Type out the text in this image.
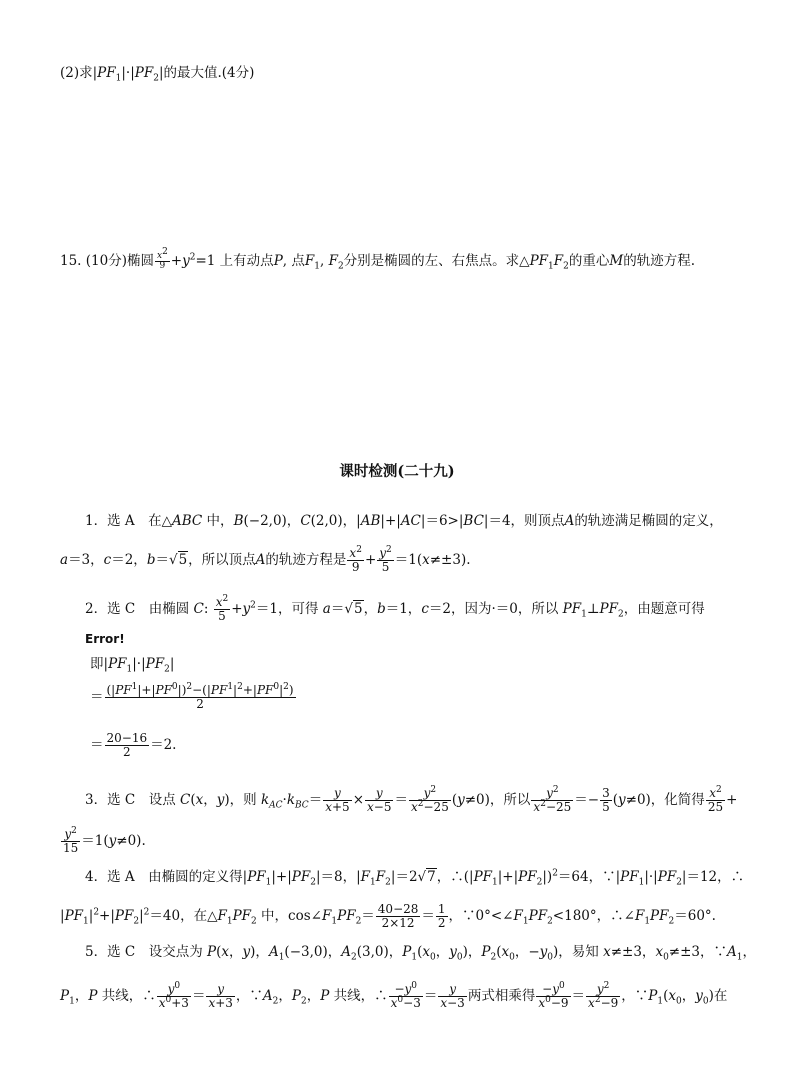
(2)求$|PF_1|\cdot|PF_2|$的最大值.(4分)
15. (10分)椭圆 $\frac{x^2}{9} +y^2=1$ 上有动点P, 点$F_1$, $F_2$分别是椭圆的左、右焦点。求$\triangle PF_1F_2$的重心M的轨迹方程.
课时检测(二十九)
1．选 A　在△ABC 中，B(−2,0)，C(2,0)，|AB|+|AC|＝6>|BC|＝4，则顶点A的轨迹满足椭圆的定义，
a＝3，c＝2，b＝√5，所以顶点A的轨迹方程是 $\frac{x^2}{9} + \frac{y^2}{5} =1(x\ne\pm 3)$.
2．选 C　由椭圆 C: $\frac{x^2}{5} +y^2=1$，可得 a＝√5，b＝1，c＝2，因为·＝0，所以 $PF_1\perp PF_2$，由题意可得
Error!
即$|PF_1|\cdot|PF_2|$
＝ $\frac{(|PF^1|+|PF^0|)^2-(|PF^1|^2+|PF^0|^2)}{2}$
＝ $\frac{20-16}{2} =2$.
3．选 C　设点 C(x，y)，则 $k_{AC}\cdot k_{BC}= \frac{y}{x+5} \times \frac{y}{x-5} = \frac{y^2}{x^2-25} (y\ne 0)$，所以 $\frac{y^2}{x^2-25} =- \frac{3}{5} (y\ne 0)$，化简得 $\frac{x^2}{25}$ +
$\frac{y^2}{15} =1(y\ne 0)$.
4．选 A　由椭圆的定义得$|PF_1|+|PF_2|=8$，$|F_1F_2|=2√7$，$\therefore(|PF_1|+|PF_2|)^2=64$，$\because|PF_1|\cdot|PF_2|=12$，∴
$|PF_1|^2+|PF_2|^2=40$，在$\triangle F_1PF_2$ 中，$\cos\angle F_1PF_2= \frac{40-28}{2\times 12} = \frac{1}{2}$ ，$\because 0^\circ<\angle F_1PF_2<180^\circ$，$\therefore\angle F_1PF_2=60^\circ$.
5．选 C　设交点为 P(x，y)，$A_1(-3,0)$，$A_2(3,0)$，$P_1(x_0$，$y_0$)，$P_2(x_0$，$-y_0$)，易知 x≠±3，$x_0\ne\pm 3$，$\because A_1$，
$P_1$，P 共线，∴ $\frac{y^0}{x^0+3} = \frac{y}{x+3}$ ，$\because A_2$，$P_2$，P 共线，∴ $\frac{-y^0}{x^0-3} = \frac{y}{x-3}$ 两式相乘得 $\frac{-y^0}{x^0-9} = \frac{y^2}{x^2-9}$ ，$\because P_1(x_0$，$y_0$)在
